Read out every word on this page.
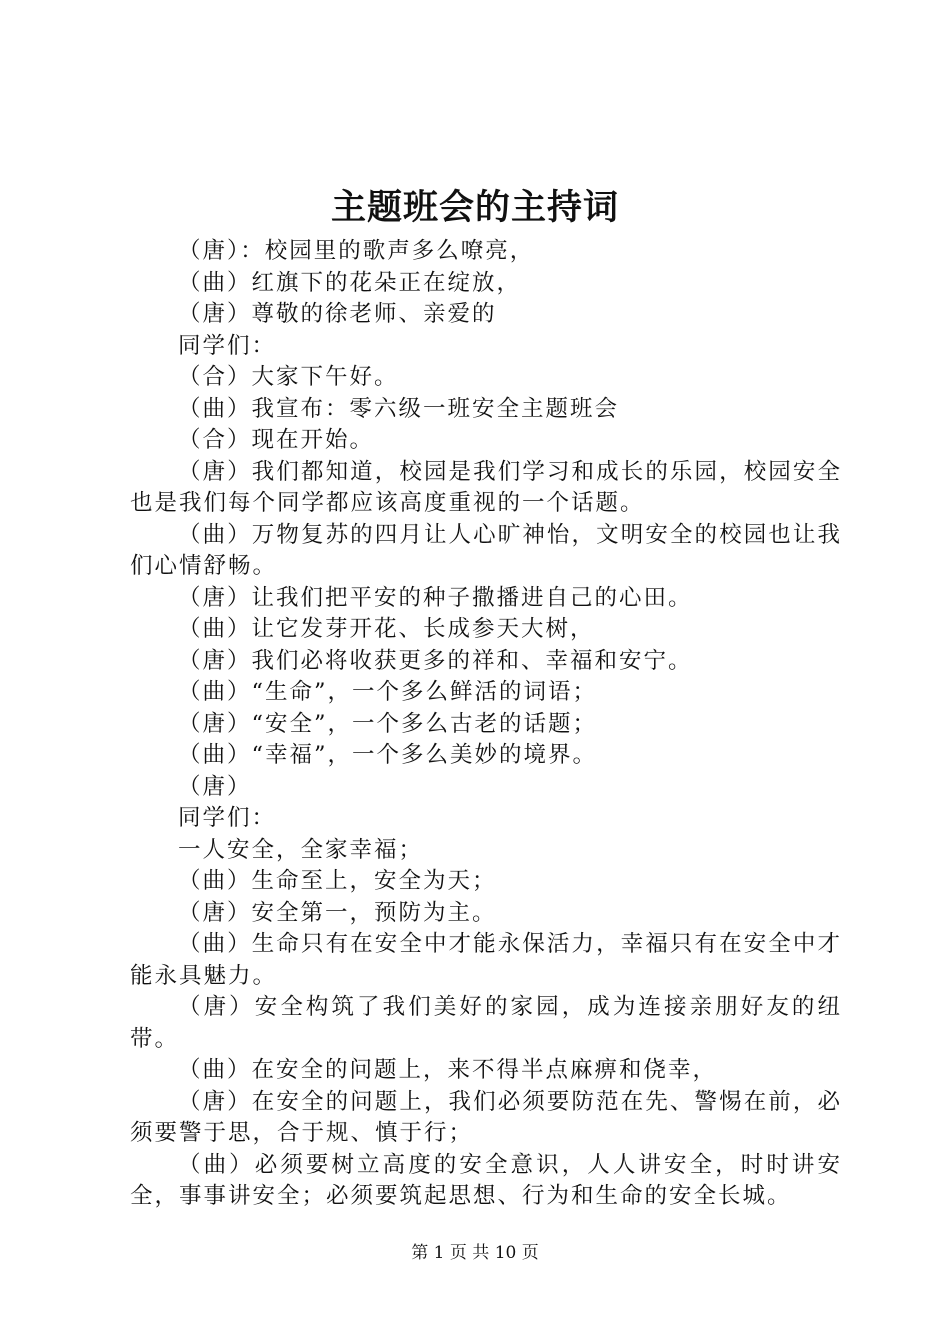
主题班会的主持词

（唐）：校园里的歌声多么嘹亮，

（曲）红旗下的花朵正在绽放，

（唐）尊敬的徐老师、亲爱的

同学们：

（合）大家下午好。

（曲）我宣布：零六级一班安全主题班会

（合）现在开始。

（唐）我们都知道，校园是我们学习和成长的乐园，校园安全也是我们每个同学都应该高度重视的一个话题。

（曲）万物复苏的四月让人心旷神怡，文明安全的校园也让我们心情舒畅。

（唐）让我们把平安的种子撒播进自己的心田。

（曲）让它发芽开花、长成参天大树，

（唐）我们必将收获更多的祥和、幸福和安宁。

（曲）“生命”，一个多么鲜活的词语；

（唐）“安全”，一个多么古老的话题；

（曲）“幸福”，一个多么美妙的境界。

（唐）

同学们：

一人安全，全家幸福；

（曲）生命至上，安全为天；

（唐）安全第一，预防为主。

（曲）生命只有在安全中才能永保活力，幸福只有在安全中才能永具魅力。

（唐）安全构筑了我们美好的家园，成为连接亲朋好友的纽带。

（曲）在安全的问题上，来不得半点麻痹和侥幸，

（唐）在安全的问题上，我们必须要防范在先、警惕在前，必须要警于思，合于规、慎于行；

（曲）必须要树立高度的安全意识，人人讲安全，时时讲安全，事事讲安全；必须要筑起思想、行为和生命的安全长城。

第 1 页 共 10 页
